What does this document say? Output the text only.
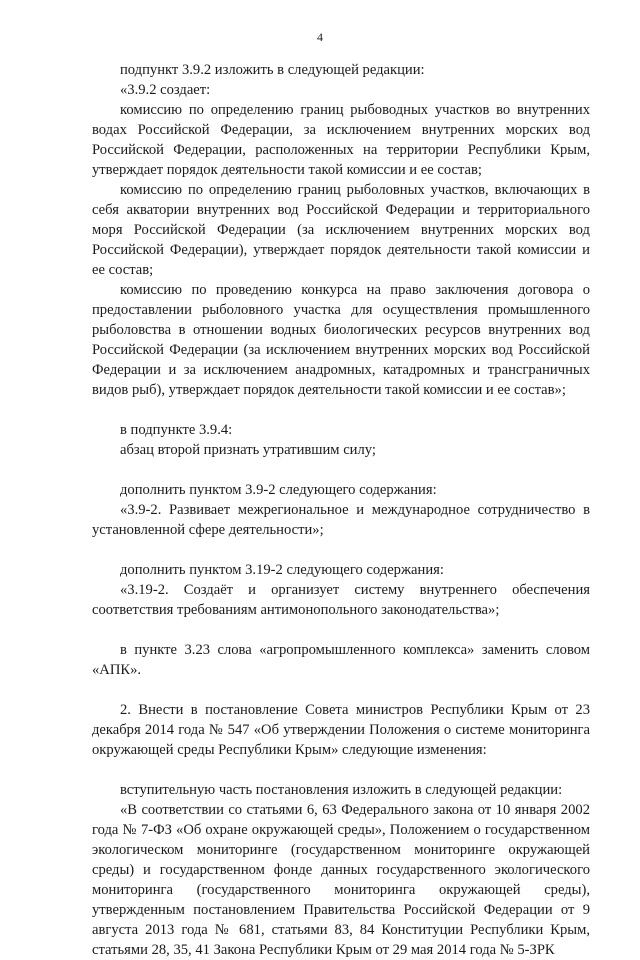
4

подпункт 3.9.2 изложить в следующей редакции:

«3.9.2 создает:

комиссию по определению границ рыбоводных участков во внутренних водах Российской Федерации, за исключением внутренних морских вод Российской Федерации, расположенных на территории Республики Крым, утверждает порядок деятельности такой комиссии и ее состав;

комиссию по определению границ рыболовных участков, включающих в себя акватории внутренних вод Российской Федерации и территориального моря Российской Федерации (за исключением внутренних морских вод Российской Федерации), утверждает порядок деятельности такой комиссии и ее состав;

комиссию по проведению конкурса на право заключения договора о предоставлении рыболовного участка для осуществления промышленного рыболовства в отношении водных биологических ресурсов внутренних вод Российской Федерации (за исключением внутренних морских вод Российской Федерации и за исключением анадромных, катадромных и трансграничных видов рыб), утверждает порядок деятельности такой комиссии и ее состав»;

в подпункте 3.9.4:

абзац второй признать утратившим силу;

дополнить пунктом 3.9-2 следующего содержания:

«3.9-2. Развивает межрегиональное и международное сотрудничество в установленной сфере деятельности»;

дополнить пунктом 3.19-2 следующего содержания:

«3.19-2. Создаёт и организует систему внутреннего обеспечения соответствия требованиям антимонопольного законодательства»;

в пункте 3.23 слова «агропромышленного комплекса» заменить словом «АПК».

2. Внести в постановление Совета министров Республики Крым от 23 декабря 2014 года № 547 «Об утверждении Положения о системе мониторинга окружающей среды Республики Крым» следующие изменения:

вступительную часть постановления изложить в следующей редакции:

«В соответствии со статьями 6, 63 Федерального закона от 10 января 2002 года № 7-ФЗ «Об охране окружающей среды», Положением о государственном экологическом мониторинге (государственном мониторинге окружающей среды) и государственном фонде данных государственного экологического мониторинга (государственного мониторинга окружающей среды), утвержденным постановлением Правительства Российской Федерации от 9 августа 2013 года № 681, статьями 83, 84 Конституции Республики Крым, статьями 28, 35, 41 Закона Республики Крым от 29 мая 2014 года № 5-ЗРК
